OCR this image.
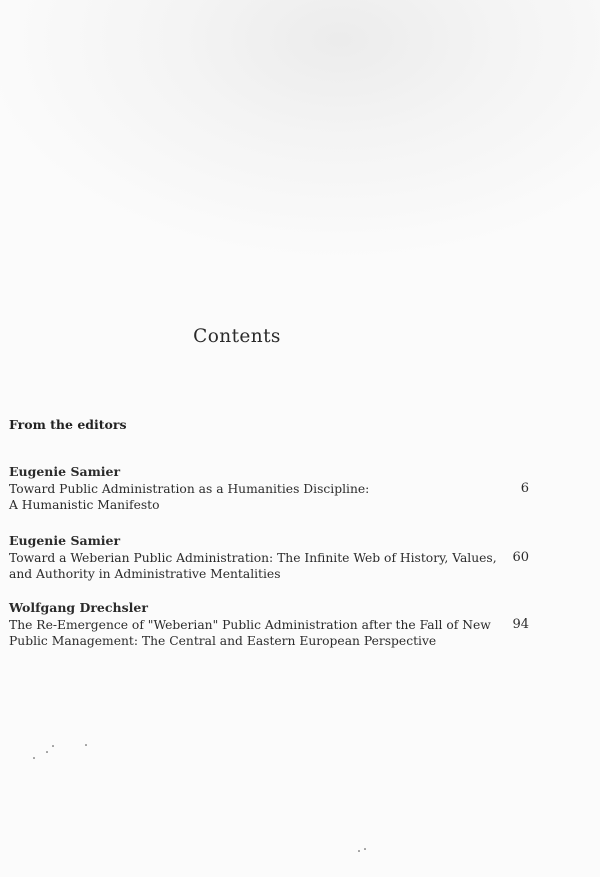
Contents
From the editors
Eugenie Samier
Toward Public Administration as a Humanities Discipline:
A Humanistic Manifesto
6
Eugenie Samier
Toward a Weberian Public Administration: The Infinite Web of History, Values,
and Authority in Administrative Mentalities
60
Wolfgang Drechsler
The Re-Emergence of "Weberian" Public Administration after the Fall of New
Public Management: The Central and Eastern European Perspective
94
